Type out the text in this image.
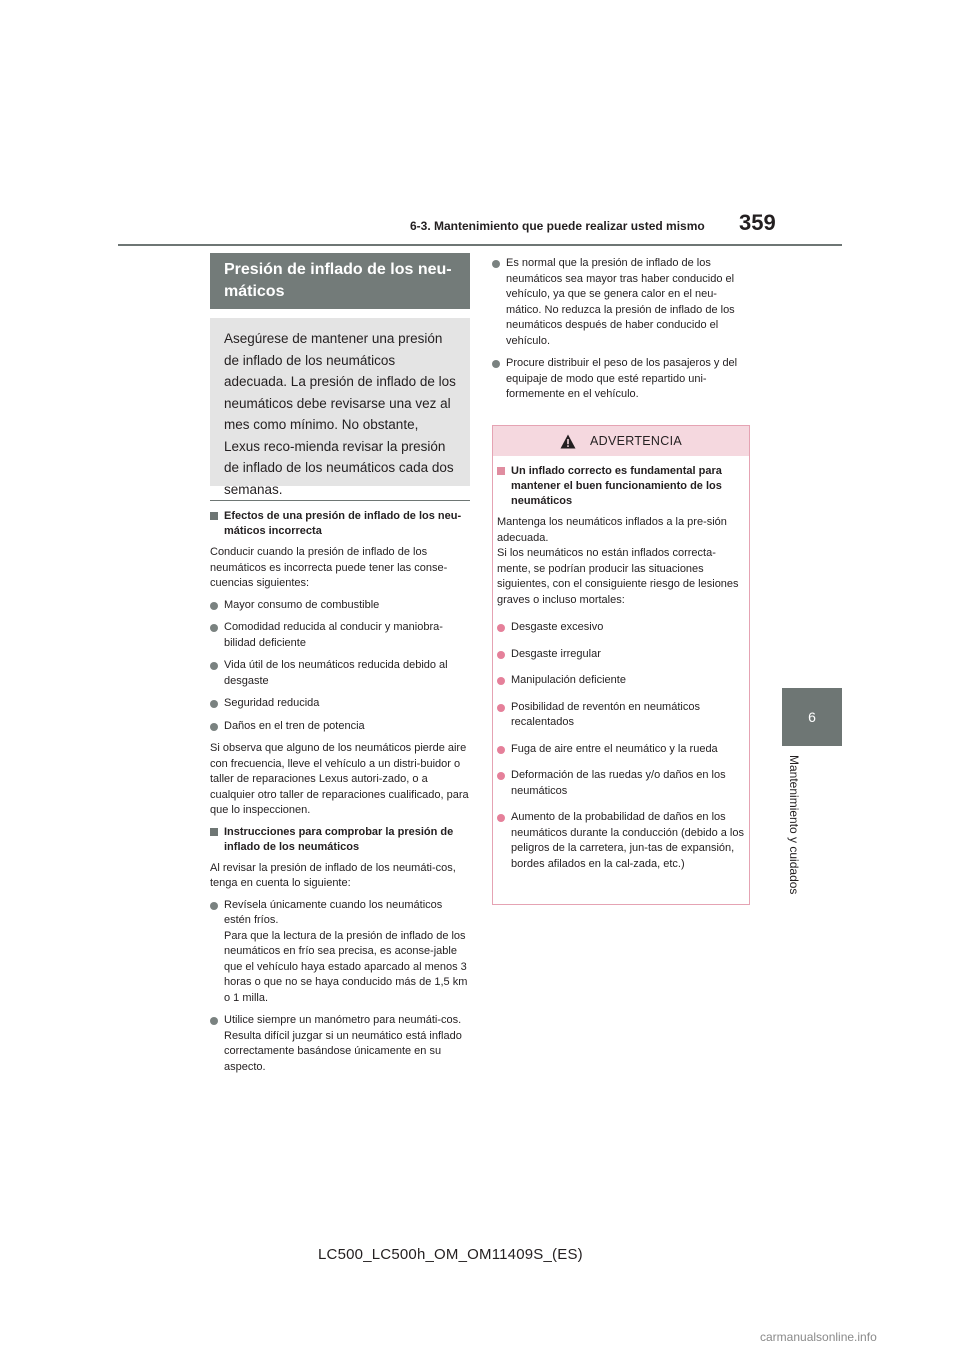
6-3. Mantenimiento que puede realizar usted mismo 359
6
Mantenimiento y cuidados
Presión de inflado de los neu-
máticos
Asegúrese de mantener una presión de inflado de los neumáticos adecuada. La presión de inflado de los neumáticos debe revisarse una vez al mes como mínimo. No obstante, Lexus reco-mienda revisar la presión de inflado de los neumáticos cada dos semanas.
Efectos de una presión de inflado de los neu-máticos incorrecta

Conducir cuando la presión de inflado de los neumáticos es incorrecta puede tener las conse-cuencias siguientes:

Mayor consumo de combustible
Comodidad reducida al conducir y maniobra-bilidad deficiente
Vida útil de los neumáticos reducida debido al desgaste
Seguridad reducida
Daños en el tren de potencia

Si observa que alguno de los neumáticos pierde aire con frecuencia, lleve el vehículo a un distri-buidor o taller de reparaciones Lexus autori-zado, o a cualquier otro taller de reparaciones cualificado, para que lo inspeccionen.

Instrucciones para comprobar la presión de inflado de los neumáticos

Al revisar la presión de inflado de los neumáti-cos, tenga en cuenta lo siguiente:

Revísela únicamente cuando los neumáticos estén fríos.
Para que la lectura de la presión de inflado de los neumáticos en frío sea precisa, es aconse-jable que el vehículo haya estado aparcado al menos 3 horas o que no se haya conducido más de 1,5 km o 1 milla.
Utilice siempre un manómetro para neumáti-cos.
Resulta difícil juzgar si un neumático está inflado correctamente basándose únicamente en su aspecto.
Es normal que la presión de inflado de los neumáticos sea mayor tras haber conducido el vehículo, ya que se genera calor en el neu-mático. No reduzca la presión de inflado de los neumáticos después de haber conducido el vehículo.
Procure distribuir el peso de los pasajeros y del equipaje de modo que esté repartido uni-formemente en el vehículo.
ADVERTENCIA
Un inflado correcto es fundamental para mantener el buen funcionamiento de los neumáticos

Mantenga los neumáticos inflados a la pre-sión adecuada.
Si los neumáticos no están inflados correcta-mente, se podrían producir las situaciones siguientes, con el consiguiente riesgo de lesiones graves o incluso mortales:

Desgaste excesivo
Desgaste irregular
Manipulación deficiente
Posibilidad de reventón en neumáticos recalentados
Fuga de aire entre el neumático y la rueda
Deformación de las ruedas y/o daños en los neumáticos
Aumento de la probabilidad de daños en los neumáticos durante la conducción (debido a los peligros de la carretera, jun-tas de expansión, bordes afilados en la cal-zada, etc.)
LC500_LC500h_OM_OM11409S_(ES)
carmanualsonline.info
